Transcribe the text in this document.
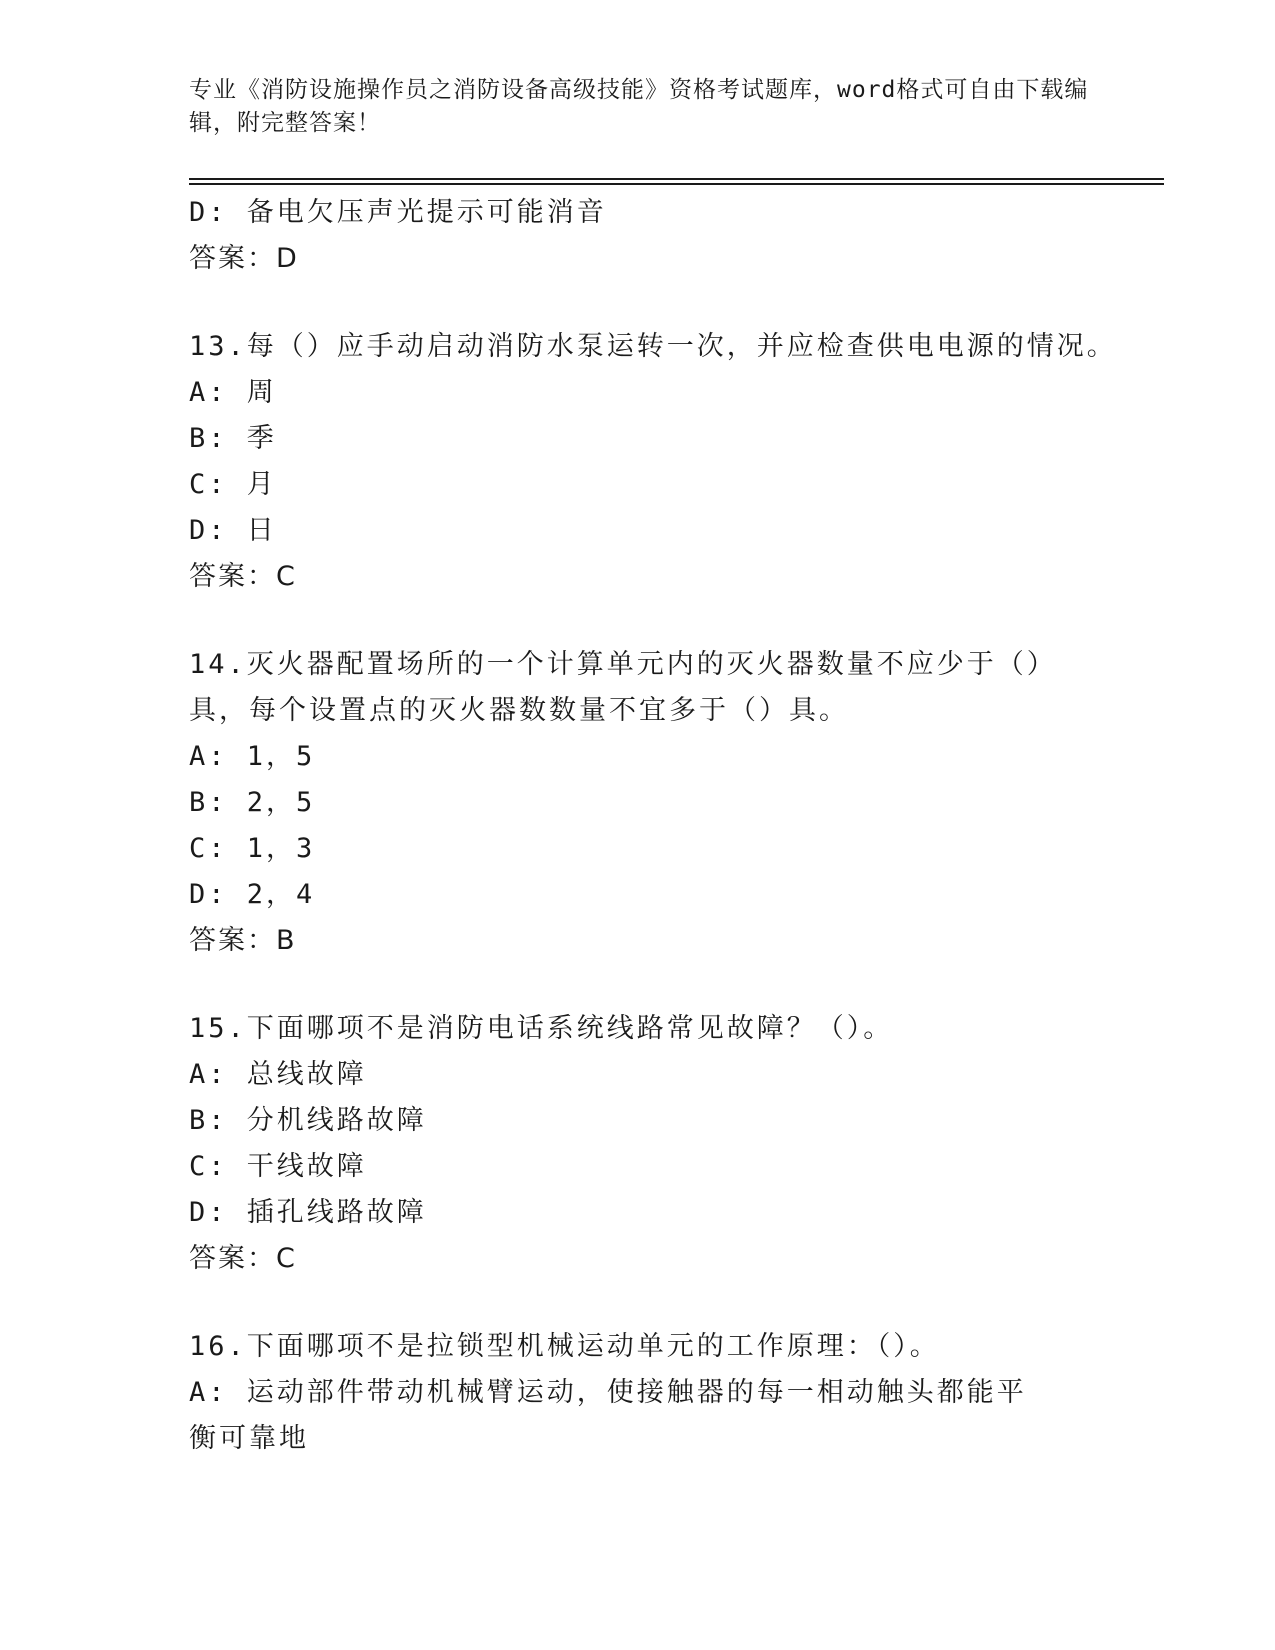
专业《消防设施操作员之消防设备高级技能》资格考试题库，word格式可自由下载编辑，附完整答案！
D: 备电欠压声光提示可能消音
答案：D
13.每（）应手动启动消防水泵运转一次，并应检查供电电源的情况。
A: 周
B: 季
C: 月
D: 日
答案：C
14.灭火器配置场所的一个计算单元内的灭火器数量不应少于（）具，每个设置点的灭火器数数量不宜多于（）具。
A: 1，5
B: 2，5
C: 1，3
D: 2，4
答案：B
15.下面哪项不是消防电话系统线路常见故障？（）。
A: 总线故障
B: 分机线路故障
C: 干线故障
D: 插孔线路故障
答案：C
16.下面哪项不是拉锁型机械运动单元的工作原理：（）。
A: 运动部件带动机械臂运动，使接触器的每一相动触头都能平衡可靠地
